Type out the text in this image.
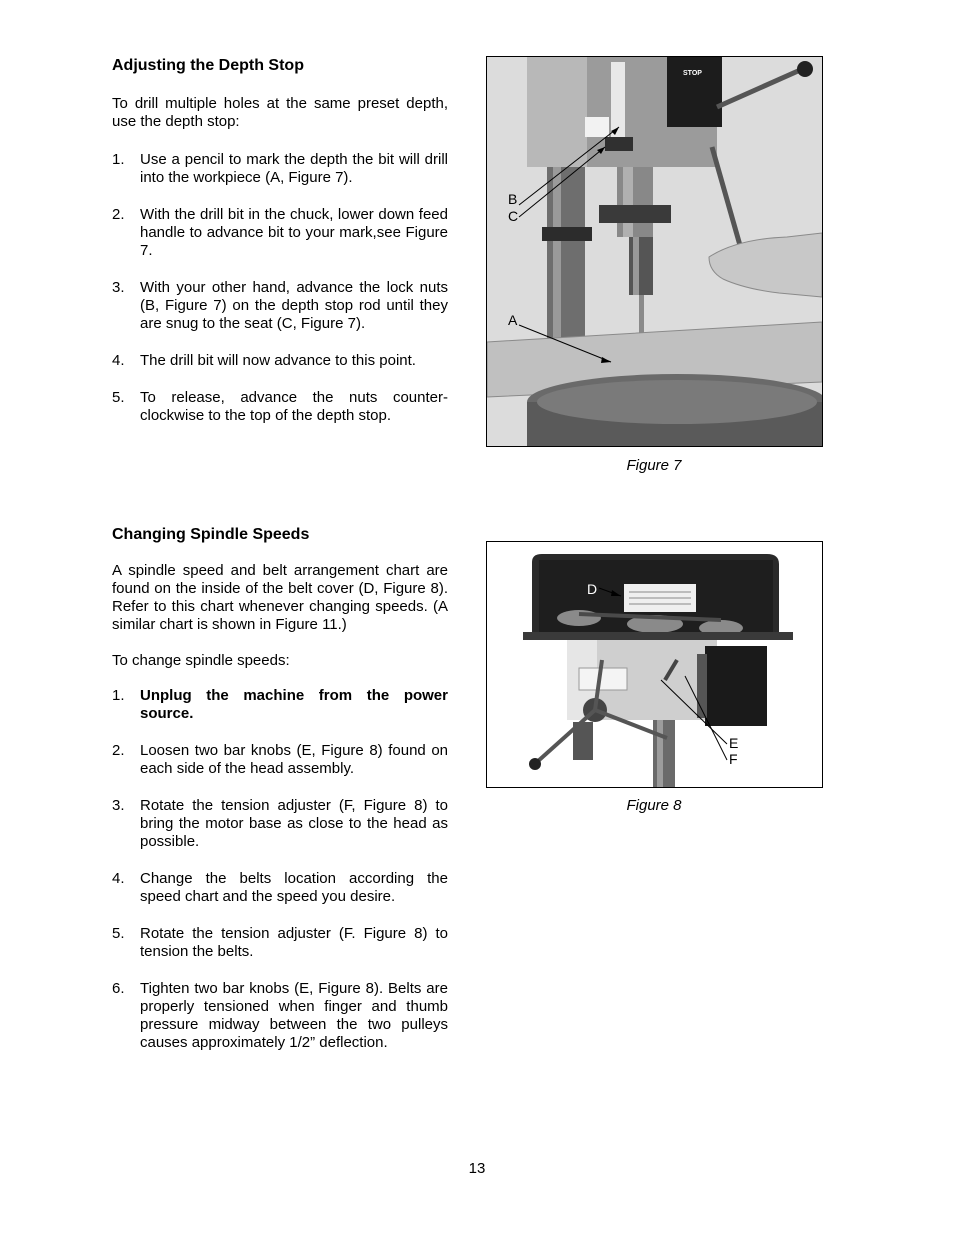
Adjusting the Depth Stop

To drill multiple holes at the same preset depth, use the depth stop:

1. Use a pencil to mark the depth the bit will drill into the workpiece (A, Figure 7).
2. With the drill bit in the chuck, lower down feed handle to advance bit to your mark,see Figure 7.
3. With your other hand, advance the lock nuts (B, Figure 7) on the depth stop rod until they are snug to the seat (C, Figure 7).
4. The drill bit will now advance to this point.
5. To release, advance the nuts counter-clockwise to the top of the depth stop.
STOP
B
C
A
Figure 7
Changing Spindle Speeds

A spindle speed and belt arrangement chart are found on the inside of the belt cover (D, Figure 8). Refer to this chart whenever changing speeds. (A similar chart is shown in Figure 11.)

To change spindle speeds:

1. Unplug the machine from the power source.
2. Loosen two bar knobs (E, Figure 8) found on each side of the head assembly.
3. Rotate the tension adjuster (F, Figure 8) to bring the motor base as close to the head as possible.
4. Change the belts location according the speed chart and the speed you desire.
5. Rotate the tension adjuster (F. Figure 8) to tension the belts.
6. Tighten two bar knobs (E, Figure 8). Belts are properly tensioned when finger and thumb pressure midway between the two pulleys causes approximately 1/2” deflection.
D
E
F
Figure 8
13
